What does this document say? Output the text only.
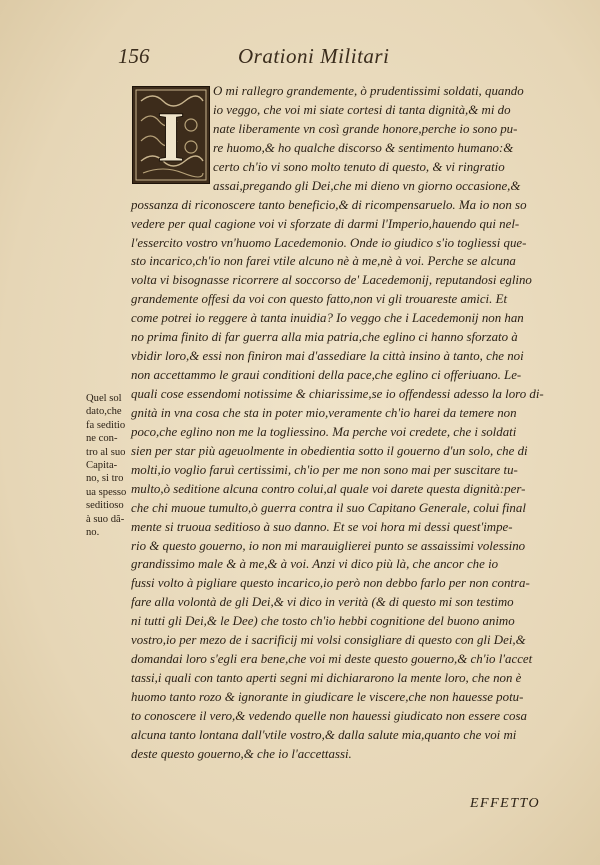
156	Orationi Militari
I
O mi rallegro grandemente, ò prudentissimi soldati, quando
io veggo, che voi mi siate cortesi di tanta dignità,& mi do
nate liberamente vn così grande honore,perche io sono pu-
re huomo,& ho qualche discorso & sentimento humano:&
certo ch'io vi sono molto tenuto di questo, & vi ringratio
assai,pregando gli Dei,che mi dieno vn giorno occasione,&
possanza di riconoscere tanto beneficio,& di ricompensaruelo. Ma io non so
vedere per qual cagione voi vi sforzate di darmi l'Imperio,hauendo qui nel-
l'essercito vostro vn'huomo Lacedemonio. Onde io giudico s'io togliessi que-
sto incarico,ch'io non farei vtile alcuno nè à me,nè à voi. Perche se alcuna
volta vi bisognasse ricorrere al soccorso de' Lacedemonij, reputandosi eglino
grandemente offesi da voi con questo fatto,non vi gli trouareste amici. Et
come potrei io reggere à tanta inuidia? Io veggo che i Lacedemonij non han
no prima finito di far guerra alla mia patria,che eglino ci hanno sforzato à
vbidir loro,& essi non finiron mai d'assediare la città insino à tanto, che noi
non accettammo le graui conditioni della pace,che eglino ci offeriuano. Le-
quali cose essendomi notissime & chiarissime,se io offendessi adesso la loro di-
gnità in vna cosa che sta in poter mio,veramente ch'io harei da temere non
poco,che eglino non me la togliessino. Ma perche voi credete, che i soldati
sien per star più ageuolmente in obedientia sotto il gouerno d'un solo, che di
molti,io voglio faruì certissimi, ch'io per me non sono mai per suscitare tu-
multo,ò seditione alcuna contro colui,al quale voi darete questa dignità:per-
che chi muoue tumulto,ò guerra contra il suo Capitano Generale, colui final
mente si truoua seditioso à suo danno. Et se voi hora mi dessi quest'impe-
rio & questo gouerno, io non mi marauiglierei punto se assaissimi volessino
grandissimo male & à me,& à voi. Anzi vi dico più là, che ancor che io
fussi volto à pigliare questo incarico,io però non debbo farlo per non contra-
fare alla volontà de gli Dei,& vi dico in verità (& di questo mi son testimo
ni tutti gli Dei,& le Dee) che tosto ch'io hebbi cognitione del buono animo
vostro,io per mezo de i sacrificij mi volsi consigliare di questo con gli Dei,&
domandai loro s'egli era bene,che voi mi deste questo gouerno,& ch'io l'accet
tassi,i quali con tanto aperti segni mi dichiararono la mente loro, che non è
huomo tanto rozo & ignorante in giudicare le viscere,che non hauesse potu-
to conoscere il vero,& vedendo quelle non hauessi giudicato non essere cosa
alcuna tanto lontana dall'vtile vostro,& dalla salute mia,quanto che voi mi
deste questo gouerno,& che io l'accettassi.
Quel sol
dato,che
fa seditio
ne con-
tro al suo
Capita-
no, si tro
ua spesso
seditioso
à suo dã-
no.
EFFETTO
